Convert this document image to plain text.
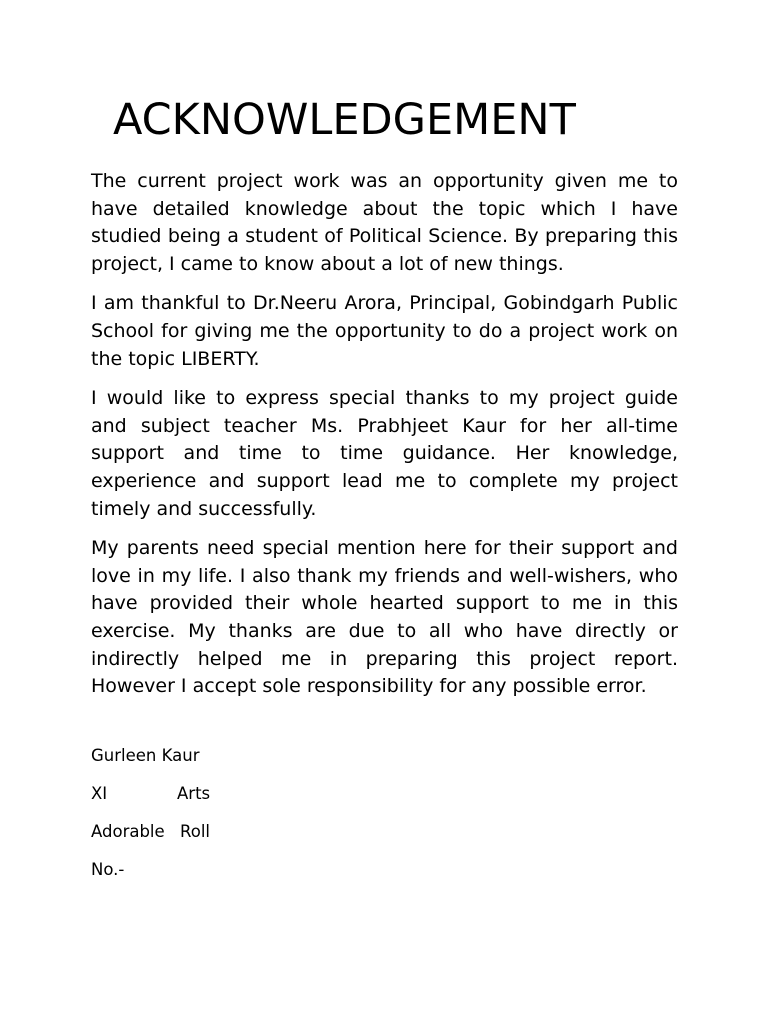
ACKNOWLEDGEMENT

The current project work was an opportunity given me to have detailed knowledge about the topic which I have studied being a student of Political Science. By preparing this project, I came to know about a lot of new things.

I am thankful to Dr.Neeru Arora, Principal, Gobindgarh Public School for giving me the opportunity to do a project work on the topic LIBERTY.

I would like to express special thanks to my project guide and subject teacher Ms. Prabhjeet Kaur for her all-time support and time to time guidance. Her knowledge, experience and support lead me to complete my project timely and successfully.

My parents need special mention here for their support and love in my life. I also thank my friends and well-wishers, who have provided their whole hearted support to me in this exercise. My thanks are due to all who have directly or indirectly helped me in preparing this project report. However I accept sole responsibility for any possible error.

Gurleen Kaur
XI	Arts
Adorable Roll
No.-
